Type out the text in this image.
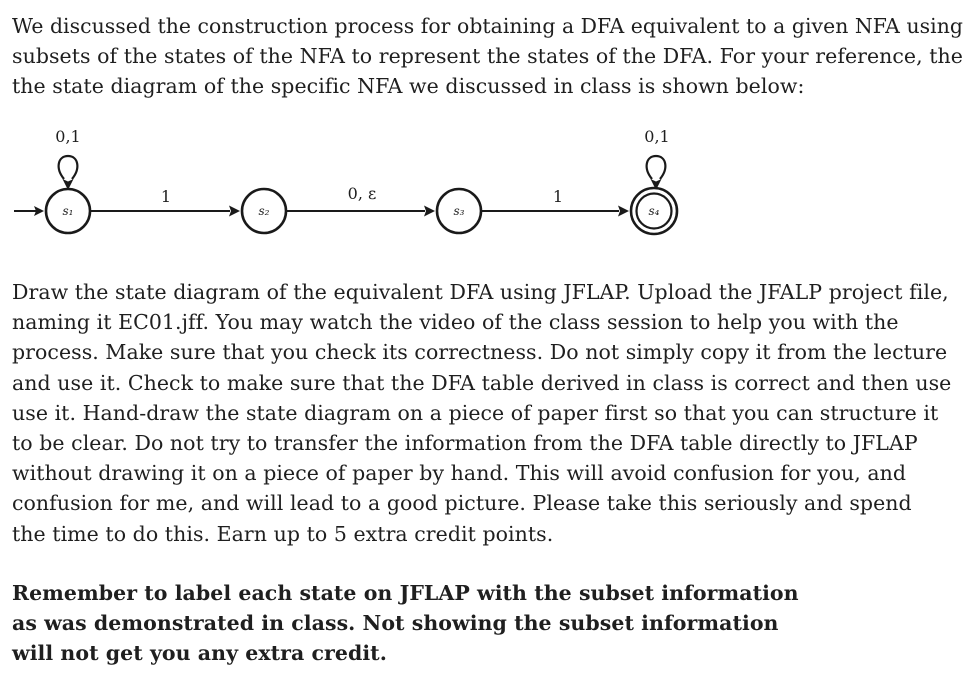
We discussed the construction process for obtaining a DFA equivalent to a given NFA using
subsets of the states of the NFA to represent the states of the DFA. For your reference, the
the state diagram of the specific NFA we discussed in class is shown below:
1	0, ε	1
0,1	0,1
s₁	s₂	s₃	s₄
Draw the state diagram of the equivalent DFA using JFLAP. Upload the JFALP project file,
naming it EC01.jff. You may watch the video of the class session to help you with the
process. Make sure that you check its correctness. Do not simply copy it from the lecture
and use it. Check to make sure that the DFA table derived in class is correct and then use
use it. Hand-draw the state diagram on a piece of paper first so that you can structure it
to be clear. Do not try to transfer the information from the DFA table directly to JFLAP
without drawing it on a piece of paper by hand. This will avoid confusion for you, and
confusion for me, and will lead to a good picture. Please take this seriously and spend
the time to do this. Earn up to 5 extra credit points.
Remember to label each state on JFLAP with the subset information
as was demonstrated in class. Not showing the subset information
will not get you any extra credit.
